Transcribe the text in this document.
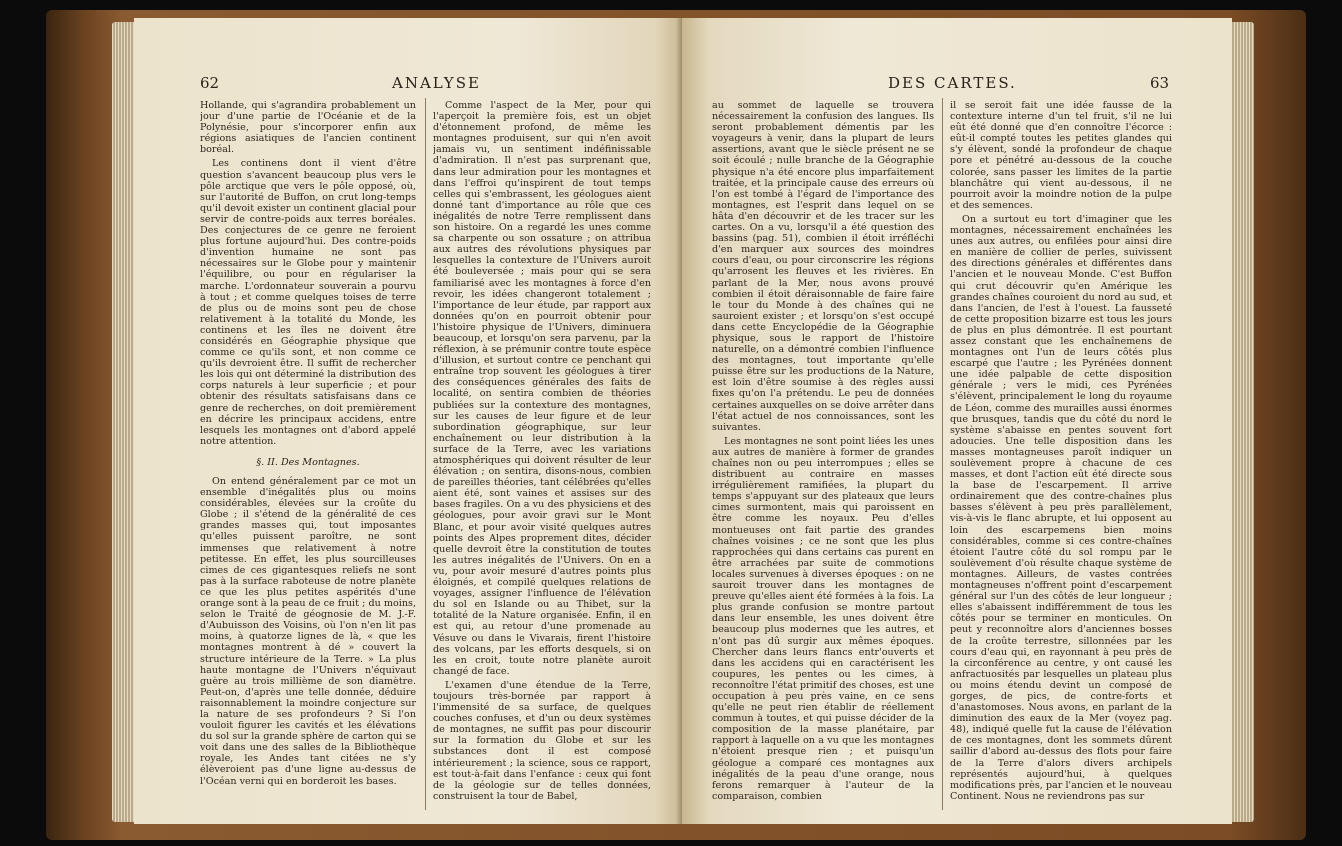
62	ANALYSE

Hollande, qui s'agrandira probablement un jour d'une partie de l'Océanie et de la Polynésie, pour s'incorporer enfin aux régions asiatiques de l'ancien continent boréal.

Les continens dont il vient d'être question s'avancent beaucoup plus vers le pôle arctique que vers le pôle opposé, où, sur l'autorité de Buffon, on crut long-temps qu'il devoit exister un continent glacial pour servir de contre-poids aux terres boréales. Des conjectures de ce genre ne feroient plus fortune aujourd'hui. Des contre-poids d'invention humaine ne sont pas nécessaires sur le Globe pour y maintenir l'équilibre, ou pour en régulariser la marche. L'ordonnateur souverain a pourvu à tout ; et comme quelques toises de terre de plus ou de moins sont peu de chose relativement à la totalité du Monde, les continens et les îles ne doivent être considérés en Géographie physique que comme ce qu'ils sont, et non comme ce qu'ils devroient être. Il suffit de rechercher les lois qui ont déterminé la distribution des corps naturels à leur superficie ; et pour obtenir des résultats satisfaisans dans ce genre de recherches, on doit premièrement en décrire les principaux accidens, entre lesquels les montagnes ont d'abord appelé notre attention.

§. II. Des Montagnes.

On entend généralement par ce mot un ensemble d'inégalités plus ou moins considérables, élevées sur la croûte du Globe ; il s'étend de la généralité de ces grandes masses qui, tout imposantes qu'elles puissent paroître, ne sont immenses que relativement à notre petitesse. En effet, les plus sourcilleuses cimes de ces gigantesques reliefs ne sont pas à la surface raboteuse de notre planète ce que les plus petites aspérités d'une orange sont à la peau de ce fruit ; du moins, selon le Traité de géognosie de M. J.-F. d'Aubuisson des Voisins, où l'on n'en lit pas moins, à quatorze lignes de là, « que les montagnes montrent à dé » couvert la structure intérieure de la Terre. » La plus haute montagne de l'Univers n'équivaut guère au trois millième de son diamètre. Peut-on, d'après une telle donnée, déduire raisonnablement la moindre conjecture sur la nature de ses profondeurs ? Si l'on vouloit figurer les cavités et les élévations du sol sur la grande sphère de carton qui se voit dans une des salles de la Bibliothèque royale, les Andes tant citées ne s'y élèveroient pas d'une ligne au-dessus de l'Océan verni qui en borderoit les bases.

Comme l'aspect de la Mer, pour qui l'aperçoit la première fois, est un objet d'étonnement profond, de même les montagnes produisent, sur qui n'en avoit jamais vu, un sentiment indéfinissable d'admiration. Il n'est pas surprenant que, dans leur admiration pour les montagnes et dans l'effroi qu'inspirent de tout temps celles qui s'embrassent, les géologues aient donné tant d'importance au rôle que ces inégalités de notre Terre remplissent dans son histoire. On a regardé les unes comme sa charpente ou son ossature ; on attribua aux autres des révolutions physiques par lesquelles la contexture de l'Univers auroit été bouleversée ; mais pour qui se sera familiarisé avec les montagnes à force d'en revoir, les idées changeront totalement ; l'importance de leur étude, par rapport aux données qu'on en pourroit obtenir pour l'histoire physique de l'Univers, diminuera beaucoup, et lorsqu'on sera parvenu, par la réflexion, à se prémunir contre toute espèce d'illusion, et surtout contre ce penchant qui entraîne trop souvent les géologues à tirer des conséquences générales des faits de localité, on sentira combien de théories publiées sur la contexture des montagnes, sur les causes de leur figure et de leur subordination géographique, sur leur enchaînement ou leur distribution à la surface de la Terre, avec les variations atmosphériques qui doivent résulter de leur élévation ; on sentira, disons-nous, combien de pareilles théories, tant célébrées qu'elles aient été, sont vaines et assises sur des bases fragiles. On a vu des physiciens et des géologues, pour avoir gravi sur le Mont Blanc, et pour avoir visité quelques autres points des Alpes proprement dites, décider quelle devroit être la constitution de toutes les autres inégalités de l'Univers. On en a vu, pour avoir mesuré d'autres points plus éloignés, et compilé quelques relations de voyages, assigner l'influence de l'élévation du sol en Islande ou au Thibet, sur la totalité de la Nature organisée. Enfin, il en est qui, au retour d'une promenade au Vésuve ou dans le Vivarais, firent l'histoire des volcans, par les efforts desquels, si on les en croit, toute notre planète auroit changé de face.

L'examen d'une étendue de la Terre, toujours très-bornée par rapport à l'immensité de sa surface, de quelques couches confuses, et d'un ou deux systèmes de montagnes, ne suffit pas pour discourir sur la formation du Globe et sur les substances dont il est composé intérieurement ; la science, sous ce rapport, est tout-à-fait dans l'enfance : ceux qui font de la géologie sur de telles données, construisent la tour de Babel,

DES CARTES.	63

au sommet de laquelle se trouvera nécessairement la confusion des langues. Ils seront probablement démentis par les voyageurs à venir, dans la plupart de leurs assertions, avant que le siècle présent ne se soit écoulé ; nulle branche de la Géographie physique n'a été encore plus imparfaitement traitée, et la principale cause des erreurs où l'on est tombé à l'égard de l'importance des montagnes, est l'esprit dans lequel on se hâta d'en découvrir et de les tracer sur les cartes. On a vu, lorsqu'il a été question des bassins (pag. 51), combien il étoit irréfléchi d'en marquer aux sources des moindres cours d'eau, ou pour circonscrire les régions qu'arrosent les fleuves et les rivières. En parlant de la Mer, nous avons prouvé combien il étoit déraisonnable de faire faire le tour du Monde à des chaînes qui ne sauroient exister ; et lorsqu'on s'est occupé dans cette Encyclopédie de la Géographie physique, sous le rapport de l'histoire naturelle, on a démontré combien l'influence des montagnes, tout importante qu'elle puisse être sur les productions de la Nature, est loin d'être soumise à des règles aussi fixes qu'on l'a prétendu. Le peu de données certaines auxquelles on se doive arrêter dans l'état actuel de nos connoissances, sont les suivantes.

Les montagnes ne sont point liées les unes aux autres de manière à former de grandes chaînes non ou peu interrompues ; elles se distribuent au contraire en masses irrégulièrement ramifiées, la plupart du temps s'appuyant sur des plateaux que leurs cimes surmontent, mais qui paroissent en être comme les noyaux. Peu d'elles montueuses ont fait partie des grandes chaînes voisines ; ce ne sont que les plus rapprochées qui dans certains cas purent en être arrachées par suite de commotions locales survenues à diverses époques : on ne sauroit trouver dans les montagnes de preuve qu'elles aient été formées à la fois. La plus grande confusion se montre partout dans leur ensemble, les unes doivent être beaucoup plus modernes que les autres, et n'ont pas dû surgir aux mêmes époques. Chercher dans leurs flancs entr'ouverts et dans les accidens qui en caractérisent les coupures, les pentes ou les cimes, à reconnoître l'état primitif des choses, est une occupation à peu près vaine, en ce sens qu'elle ne peut rien établir de réellement commun à toutes, et qui puisse décider de la composition de la masse planétaire, par rapport à laquelle on a vu que les montagnes n'étoient presque rien ; et puisqu'un géologue a comparé ces montagnes aux inégalités de la peau d'une orange, nous ferons remarquer à l'auteur de la comparaison, combien

il se seroit fait une idée fausse de la contexture interne d'un tel fruit, s'il ne lui eût été donné que d'en connoître l'écorce : eût-il compté toutes les petites glandes qui s'y élèvent, sondé la profondeur de chaque pore et pénétré au-dessous de la couche colorée, sans passer les limites de la partie blanchâtre qui vient au-dessous, il ne pourroit avoir la moindre notion de la pulpe et des semences.

On a surtout eu tort d'imaginer que les montagnes, nécessairement enchaînées les unes aux autres, ou enfilées pour ainsi dire en manière de collier de perles, suivissent des directions générales et différentes dans l'ancien et le nouveau Monde. C'est Buffon qui crut découvrir qu'en Amérique les grandes chaînes couroient du nord au sud, et dans l'ancien, de l'est à l'ouest. La fausseté de cette proposition bizarre est tous les jours de plus en plus démontrée. Il est pourtant assez constant que les enchaînemens de montagnes ont l'un de leurs côtés plus escarpé que l'autre ; les Pyrénées donnent une idée palpable de cette disposition générale ; vers le midi, ces Pyrénées s'élèvent, principalement le long du royaume de Léon, comme des murailles aussi énormes que brusques, tandis que du côté du nord le système s'abaisse en pentes souvent fort adoucies. Une telle disposition dans les masses montagneuses paroît indiquer un soulèvement propre à chacune de ces masses, et dont l'action eût été directe sous la base de l'escarpement. Il arrive ordinairement que des contre-chaînes plus basses s'élèvent à peu près parallèlement, vis-à-vis le flanc abrupte, et lui opposent au loin des escarpemens bien moins considérables, comme si ces contre-chaînes étoient l'autre côté du sol rompu par le soulèvement d'où résulte chaque système de montagnes. Ailleurs, de vastes contrées montagneuses n'offrent point d'escarpement général sur l'un des côtés de leur longueur ; elles s'abaissent indifféremment de tous les côtés pour se terminer en monticules. On peut y reconnoître alors d'anciennes bosses de la croûte terrestre, sillonnées par les cours d'eau qui, en rayonnant à peu près de la circonférence au centre, y ont causé les anfractuosités par lesquelles un plateau plus ou moins étendu devint un composé de gorges, de pics, de contre-forts et d'anastomoses. Nous avons, en parlant de la diminution des eaux de la Mer (voyez pag. 48), indiqué quelle fut la cause de l'élévation de ces montagnes, dont les sommets dûrent saillir d'abord au-dessus des flots pour faire de la Terre d'alors divers archipels représentés aujourd'hui, à quelques modifications près, par l'ancien et le nouveau Continent. Nous ne reviendrons pas sur
